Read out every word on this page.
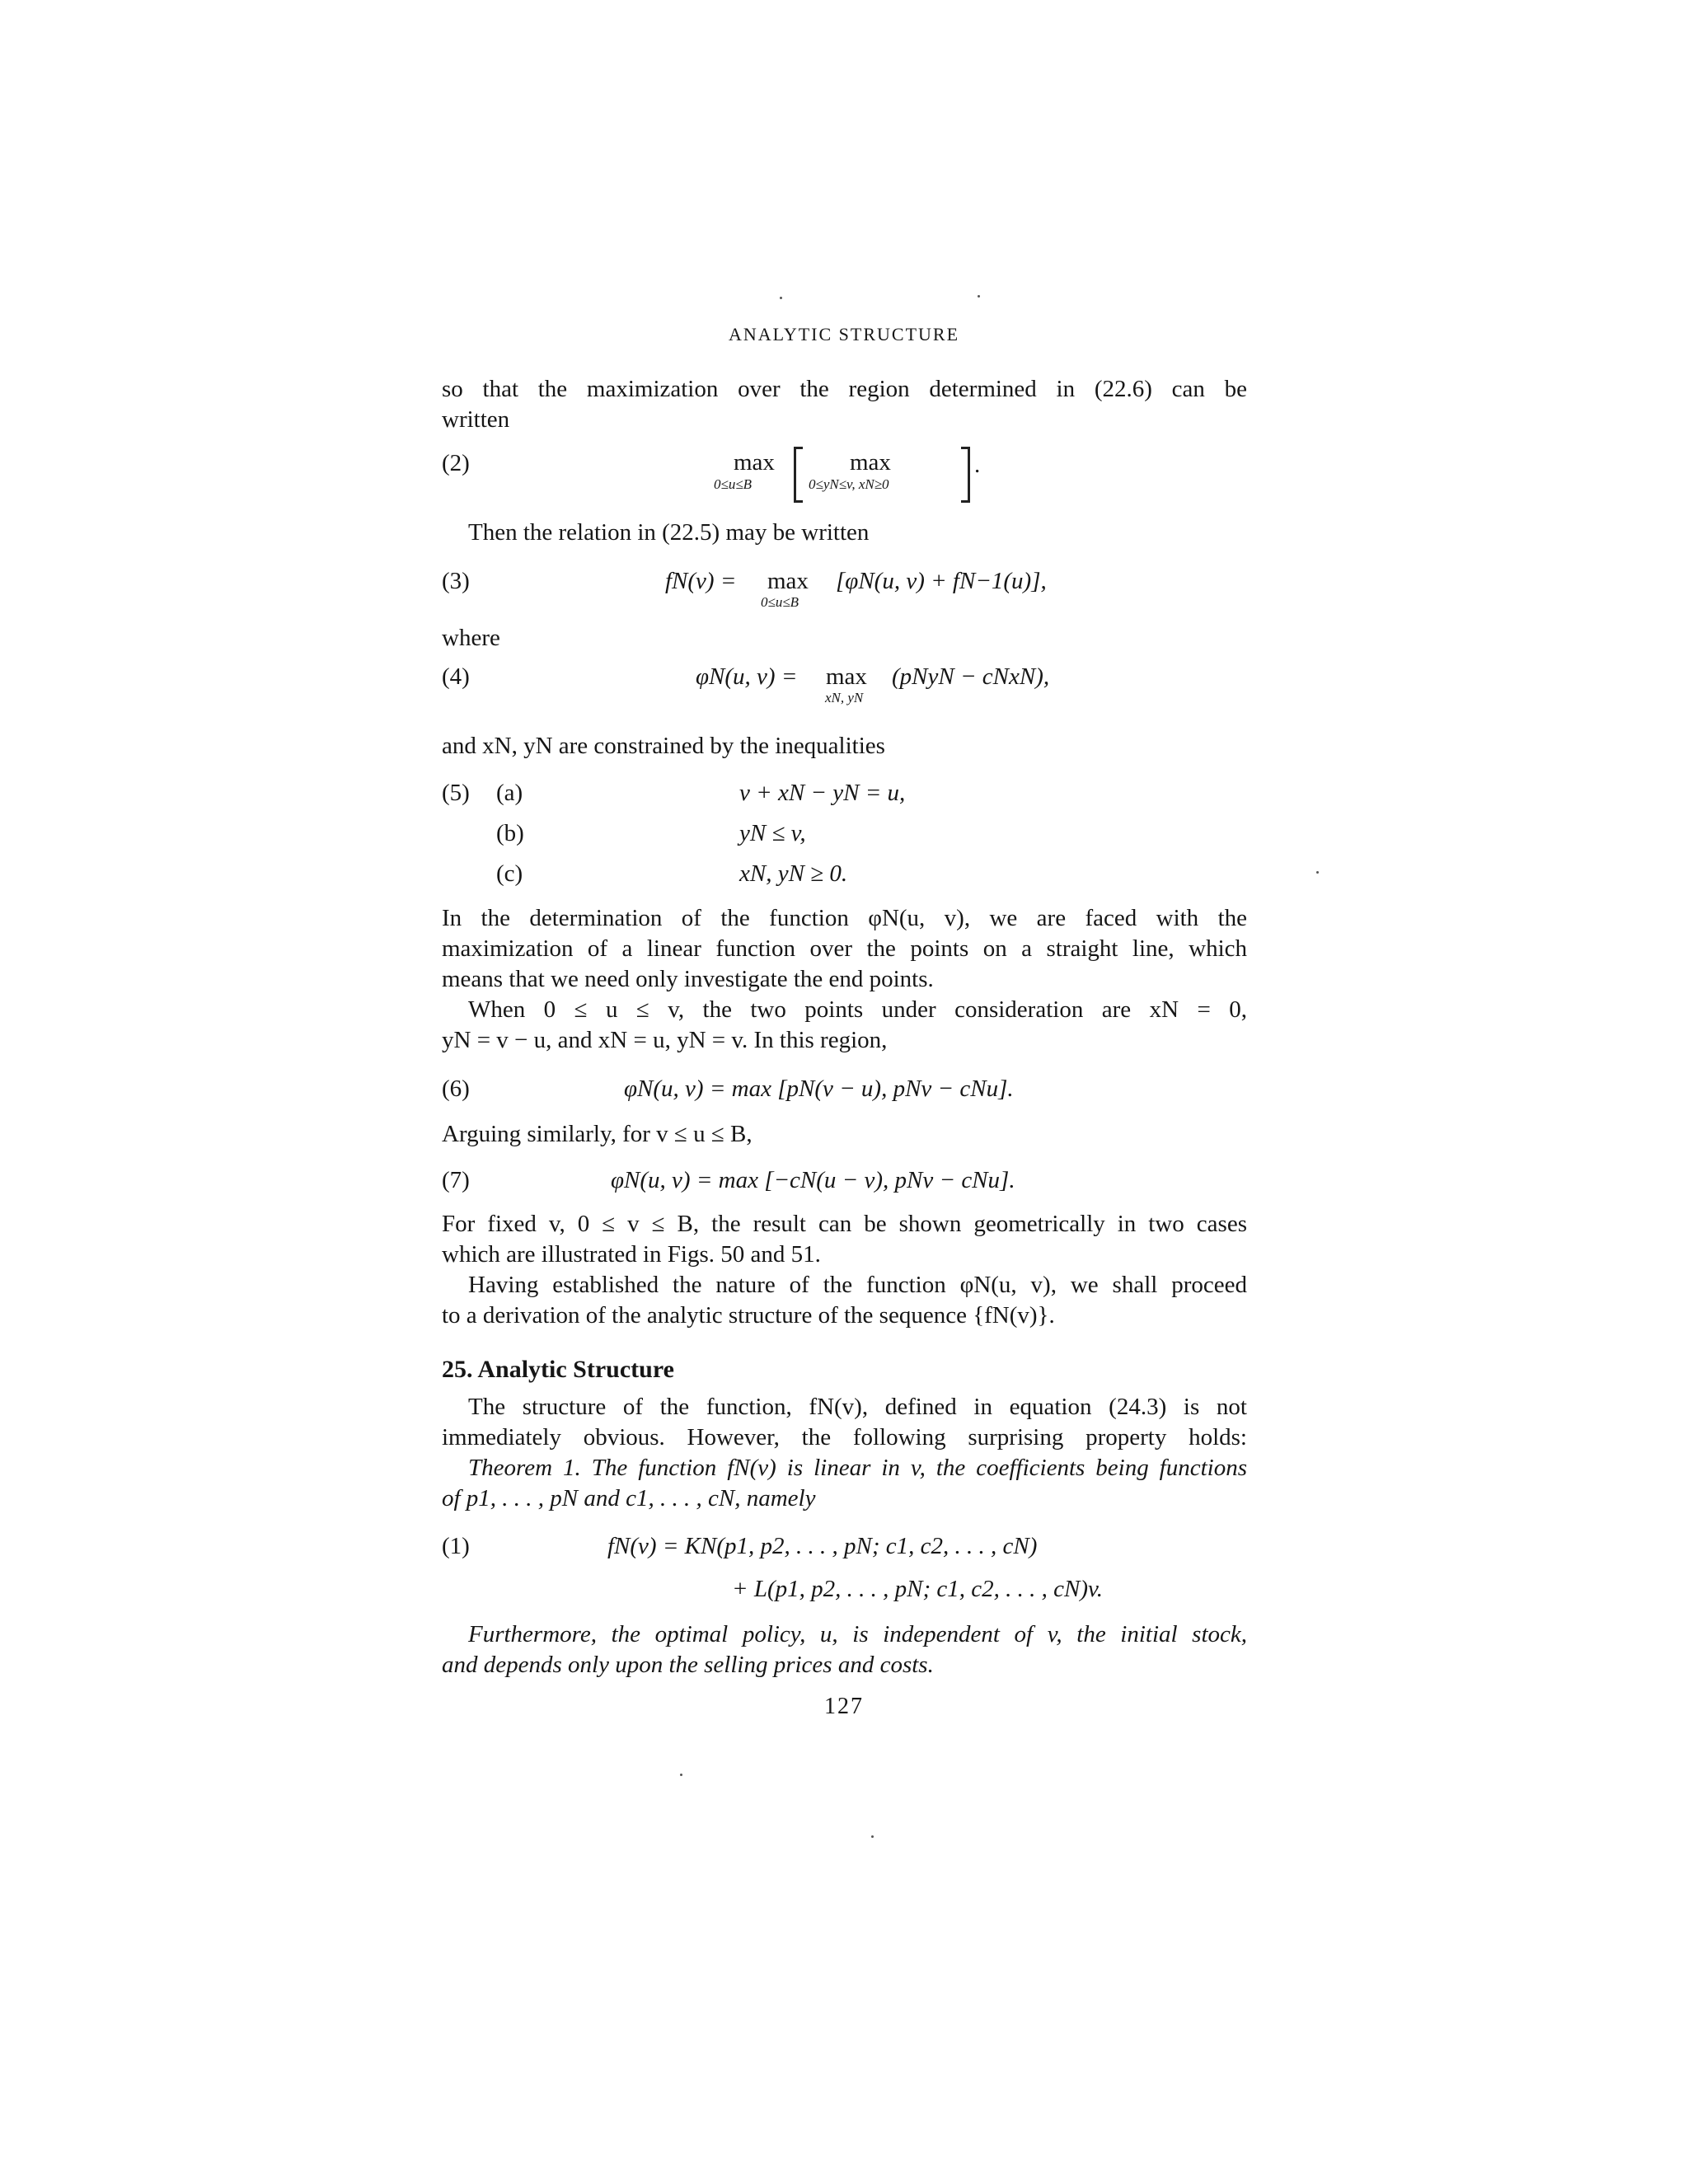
ANALYTIC STRUCTURE
so that the maximization over the region determined in (22.6) can be
written
(2)	max
0≤u≤B
max
0≤yN≤v, xN≥0
.
Then the relation in (22.5) may be written
(3)	fN(v) = max
0≤u≤B
[φN(u, v) + fN−1(u)],
where
(4)	φN(u, v) = max
xN, yN
(pNyN − cNxN),
and xN, yN are constrained by the inequalities
(5) (a)	v + xN − yN = u,
(b)	yN ≤ v,
(c)	xN, yN ≥ 0.
In the determination of the function φN(u, v), we are faced with the
maximization of a linear function over the points on a straight line, which
means that we need only investigate the end points.
When 0 ≤ u ≤ v, the two points under consideration are xN = 0,
yN = v − u, and xN = u, yN = v. In this region,
(6)	φN(u, v) = max [pN(v − u), pNv − cNu].
Arguing similarly, for v ≤ u ≤ B,
(7)	φN(u, v) = max [−cN(u − v), pNv − cNu].
For fixed v, 0 ≤ v ≤ B, the result can be shown geometrically in two cases
which are illustrated in Figs. 50 and 51.
Having established the nature of the function φN(u, v), we shall proceed
to a derivation of the analytic structure of the sequence {fN(v)}.
25. Analytic Structure
The structure of the function, fN(v), defined in equation (24.3) is not
immediately obvious. However, the following surprising property holds:
Theorem 1. The function fN(v) is linear in v, the coefficients being functions
of p1, . . . , pN and c1, . . . , cN, namely
(1)	fN(v) = KN(p1, p2, . . . , pN; c1, c2, . . . , cN)
+ L(p1, p2, . . . , pN; c1, c2, . . . , cN)v.
Furthermore, the optimal policy, u, is independent of v, the initial stock,
and depends only upon the selling prices and costs.
127
